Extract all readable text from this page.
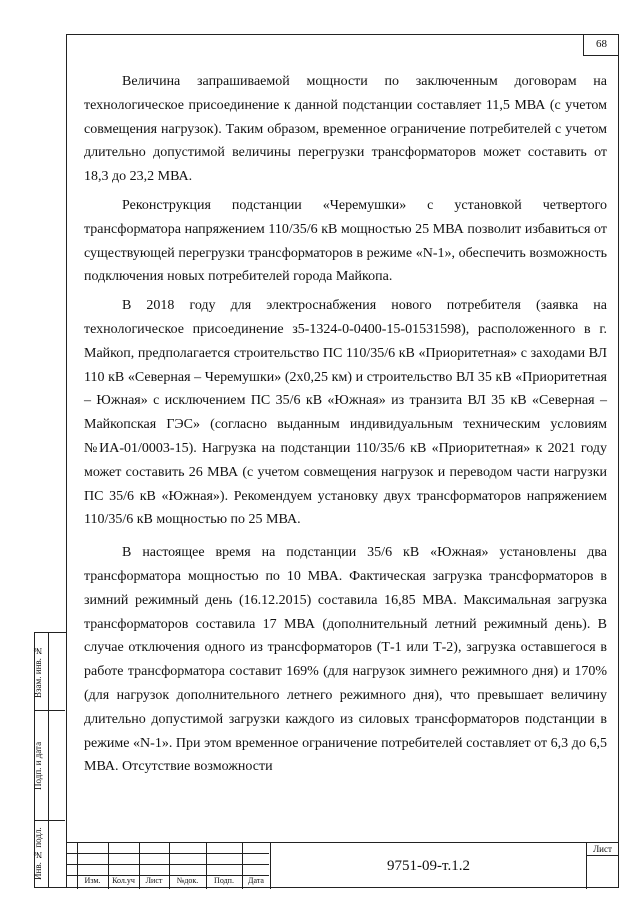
68

Величина запрашиваемой мощности по заключенным договорам на технологическое присоединение к данной подстанции составляет 11,5 МВА (с учетом совмещения нагрузок). Таким образом, временное ограничение потребителей с учетом длительно допустимой величины перегрузки трансформаторов может составить от 18,3 до 23,2 МВА.

Реконструкция подстанции «Черемушки» с установкой четвертого трансформатора напряжением 110/35/6 кВ мощностью 25 МВА позволит избавиться от существующей перегрузки трансформаторов в режиме «N-1», обеспечить возможность подключения новых потребителей города Майкопа.

В 2018 году для электроснабжения нового потребителя (заявка на технологическое присоединение з5-1324-0-0400-15-01531598), расположенного в г. Майкоп, предполагается строительство ПС 110/35/6 кВ «Приоритетная» с заходами ВЛ 110 кВ «Северная – Черемушки» (2х0,25 км) и строительство ВЛ 35 кВ «Приоритетная – Южная» с исключением ПС 35/6 кВ «Южная» из транзита ВЛ 35 кВ «Северная – Майкопская ГЭС» (согласно выданным индивидуальным техническим условиям №ИА-01/0003-15). Нагрузка на подстанции 110/35/6 кВ «Приоритетная» к 2021 году может составить 26 МВА (с учетом совмещения нагрузок и переводом части нагрузки ПС 35/6 кВ «Южная»). Рекомендуем установку двух трансформаторов напряжением 110/35/6 кВ мощностью по 25 МВА.

В настоящее время на подстанции 35/6 кВ «Южная» установлены два трансформатора мощностью по 10 МВА. Фактическая загрузка трансформаторов в зимний режимный день (16.12.2015) составила 16,85 МВА. Максимальная загрузка трансформаторов составила 17 МВА (дополнительный летний режимный день). В случае отключения одного из трансформаторов (Т-1 или Т-2), загрузка оставшегося в работе трансформатора составит 169% (для нагрузок зимнего режимного дня) и 170% (для нагрузок дополнительного летнего режимного дня), что превышает величину длительно допустимой загрузки каждого из силовых трансформаторов подстанции в режиме «N-1». При этом временное ограничение потребителей составляет от 6,3 до 6,5 МВА. Отсутствие возможности

Взам. инв. №
Подп. и дата
Инв. № подл.
Изм.	Кол.уч	Лист	№док.	Подп.	Дата
9751-09-т.1.2
Лист
